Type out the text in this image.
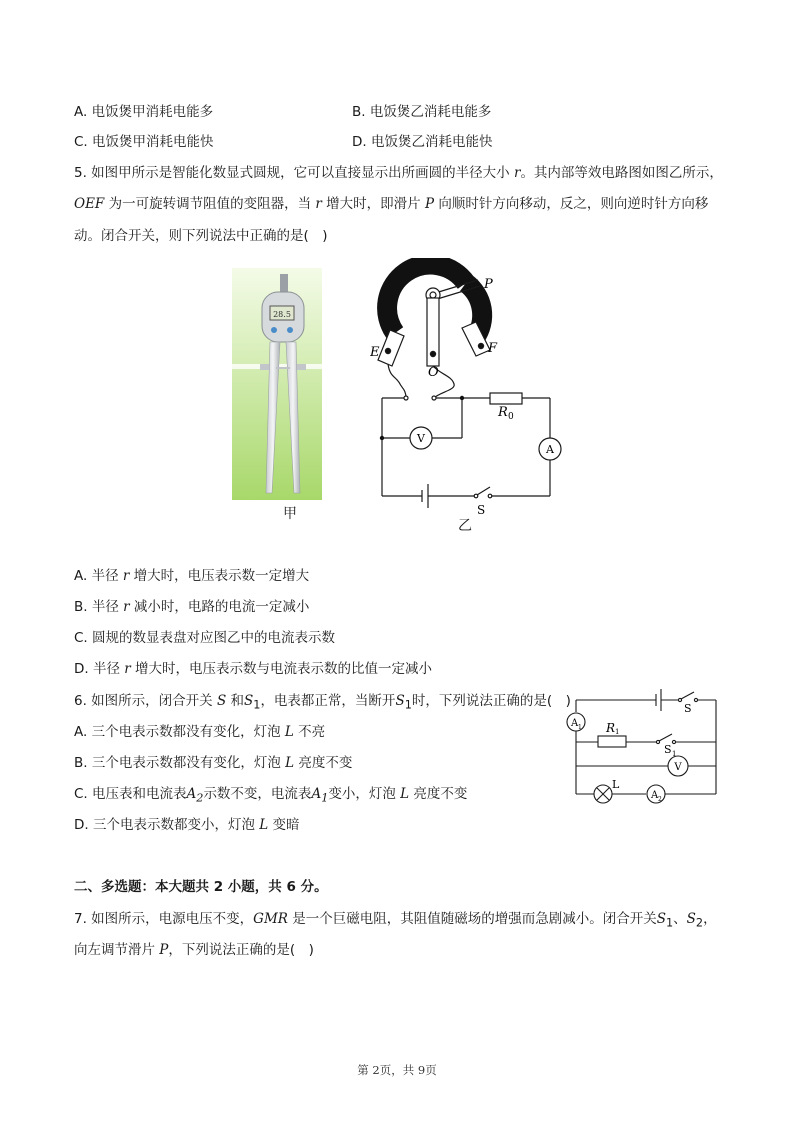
A. 电饭煲甲消耗电能多	B. 电饭煲乙消耗电能多
C. 电饭煲甲消耗电能快	D. 电饭煲乙消耗电能快
5. 如图甲所示是智能化数显式圆规，它可以直接显示出所画圆的半径大小 r。其内部等效电路图如图乙所示，
OEF 为一可旋转调节阻值的变阻器，当 r 增大时，即滑片 P 向顺时针方向移动，反之，则向逆时针方向移
动。闭合开关，则下列说法中正确的是(　)
28.5
甲
P
E
O
F
R 0
V
A
S
乙
A. 半径 r 增大时，电压表示数一定增大
B. 半径 r 减小时，电路的电流一定减小
C. 圆规的数显表盘对应图乙中的电流表示数
D. 半径 r 增大时，电压表示数与电流表示数的比值一定减小
6. 如图所示，闭合开关 S 和$S_1$，电表都正常，当断开$S_1$时，下列说法正确的是(　)
A 1 R 1
S
S 1
V
L
A 2
A. 三个电表示数都没有变化，灯泡 L 不亮
B. 三个电表示数都没有变化，灯泡 L 亮度不变
C. 电压表和电流表$A_2$示数不变，电流表$A_1$变小，灯泡 L 亮度不变
D. 三个电表示数都变小，灯泡 L 变暗
二、多选题：本大题共 2 小题，共 6 分。
7. 如图所示，电源电压不变，GMR 是一个巨磁电阻，其阻值随磁场的增强而急剧减小。闭合开关$S_1$、$S_2$，
向左调节滑片 P，下列说法正确的是(　)
第 2页，共 9页
